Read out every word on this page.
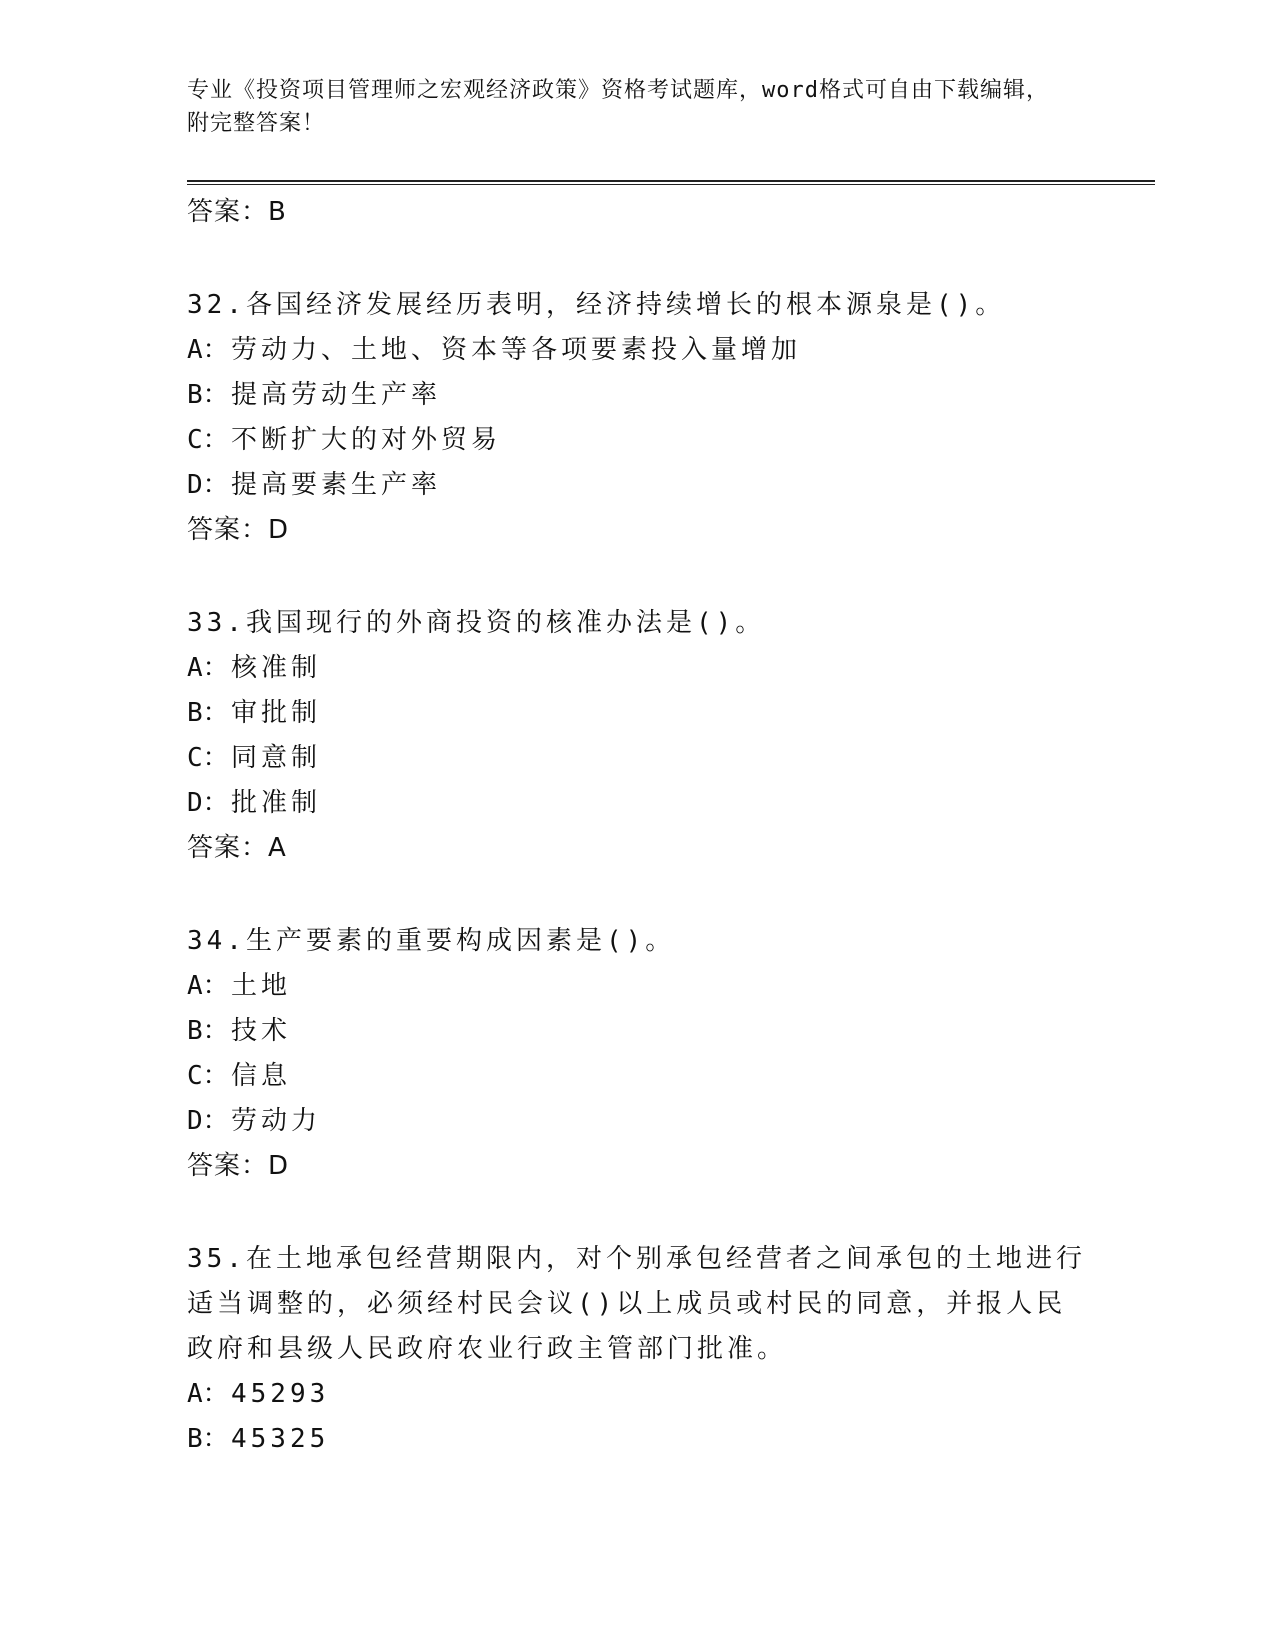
专业《投资项目管理师之宏观经济政策》资格考试题库，word格式可自由下载编辑，附完整答案！
答案：B
32.各国经济发展经历表明，经济持续增长的根本源泉是()。
A：劳动力、土地、资本等各项要素投入量增加
B：提高劳动生产率
C：不断扩大的对外贸易
D：提高要素生产率
答案：D
33.我国现行的外商投资的核准办法是()。
A：核准制
B：审批制
C：同意制
D：批准制
答案：A
34.生产要素的重要构成因素是()。
A：土地
B：技术
C：信息
D：劳动力
答案：D
35.在土地承包经营期限内，对个别承包经营者之间承包的土地进行适当调整的，必须经村民会议()以上成员或村民的同意，并报人民政府和县级人民政府农业行政主管部门批准。
A：45293
B：45325
